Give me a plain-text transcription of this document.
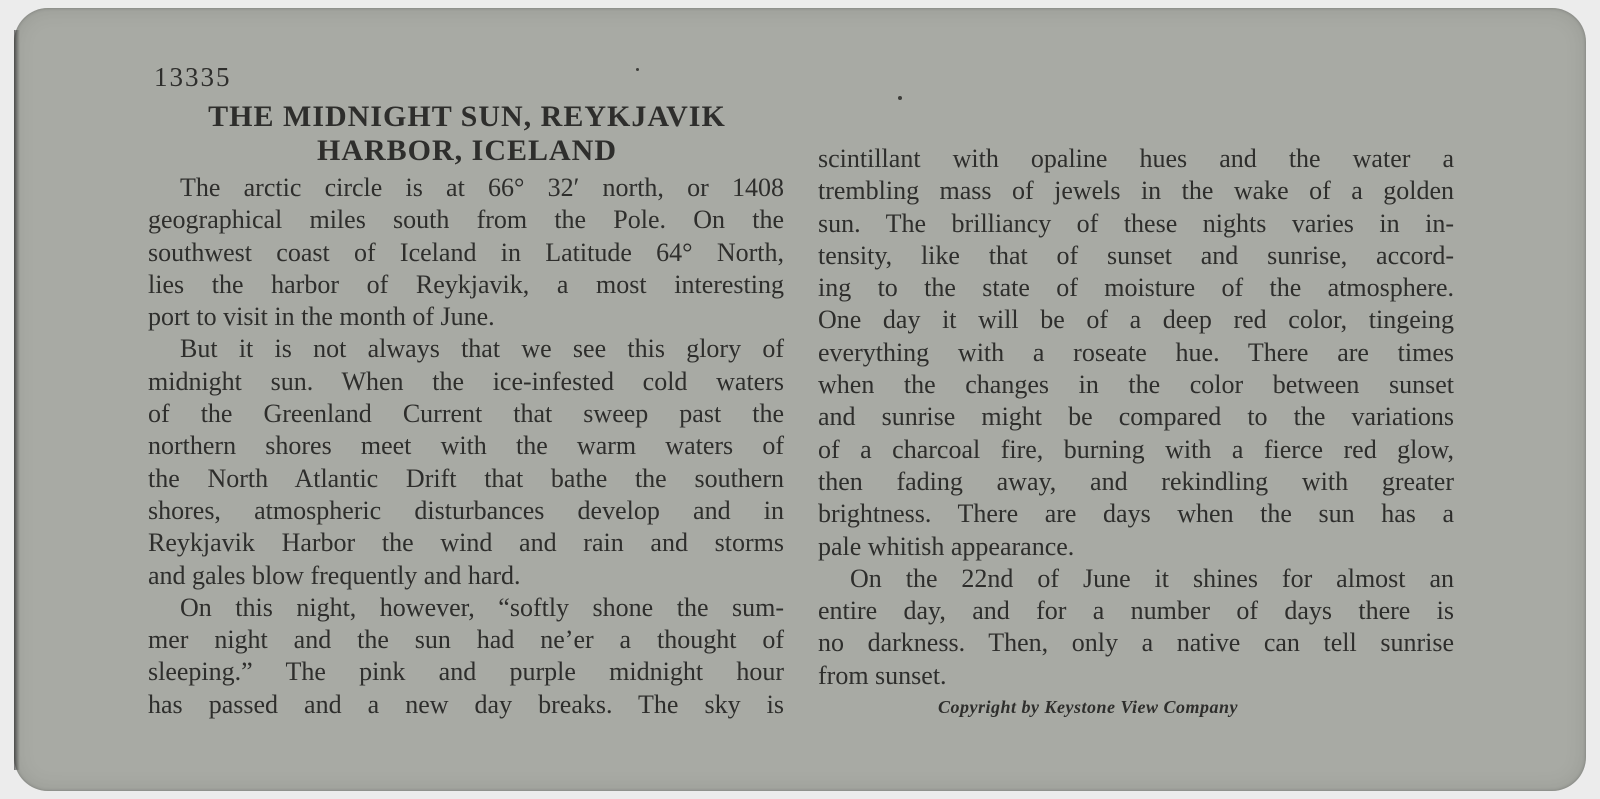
13335
THE MIDNIGHT SUN, REYKJAVIK
HARBOR, ICELAND
The arctic circle is at 66° 32′ north, or 1408
geographical miles south from the Pole. On the
southwest coast of Iceland in Latitude 64° North,
lies the harbor of Reykjavik, a most interesting
port to visit in the month of June.
But it is not always that we see this glory of
midnight sun. When the ice-infested cold waters
of the Greenland Current that sweep past the
northern shores meet with the warm waters of
the North Atlantic Drift that bathe the southern
shores, atmospheric disturbances develop and in
Reykjavik Harbor the wind and rain and storms
and gales blow frequently and hard.
On this night, however, “softly shone the sum-
mer night and the sun had ne’er a thought of
sleeping.” The pink and purple midnight hour
has passed and a new day breaks. The sky is
scintillant with opaline hues and the water a
trembling mass of jewels in the wake of a golden
sun. The brilliancy of these nights varies in in-
tensity, like that of sunset and sunrise, accord-
ing to the state of moisture of the atmosphere.
One day it will be of a deep red color, tingeing
everything with a roseate hue. There are times
when the changes in the color between sunset
and sunrise might be compared to the variations
of a charcoal fire, burning with a fierce red glow,
then fading away, and rekindling with greater
brightness. There are days when the sun has a
pale whitish appearance.
On the 22nd of June it shines for almost an
entire day, and for a number of days there is
no darkness. Then, only a native can tell sunrise
from sunset.
Copyright by Keystone View Company
